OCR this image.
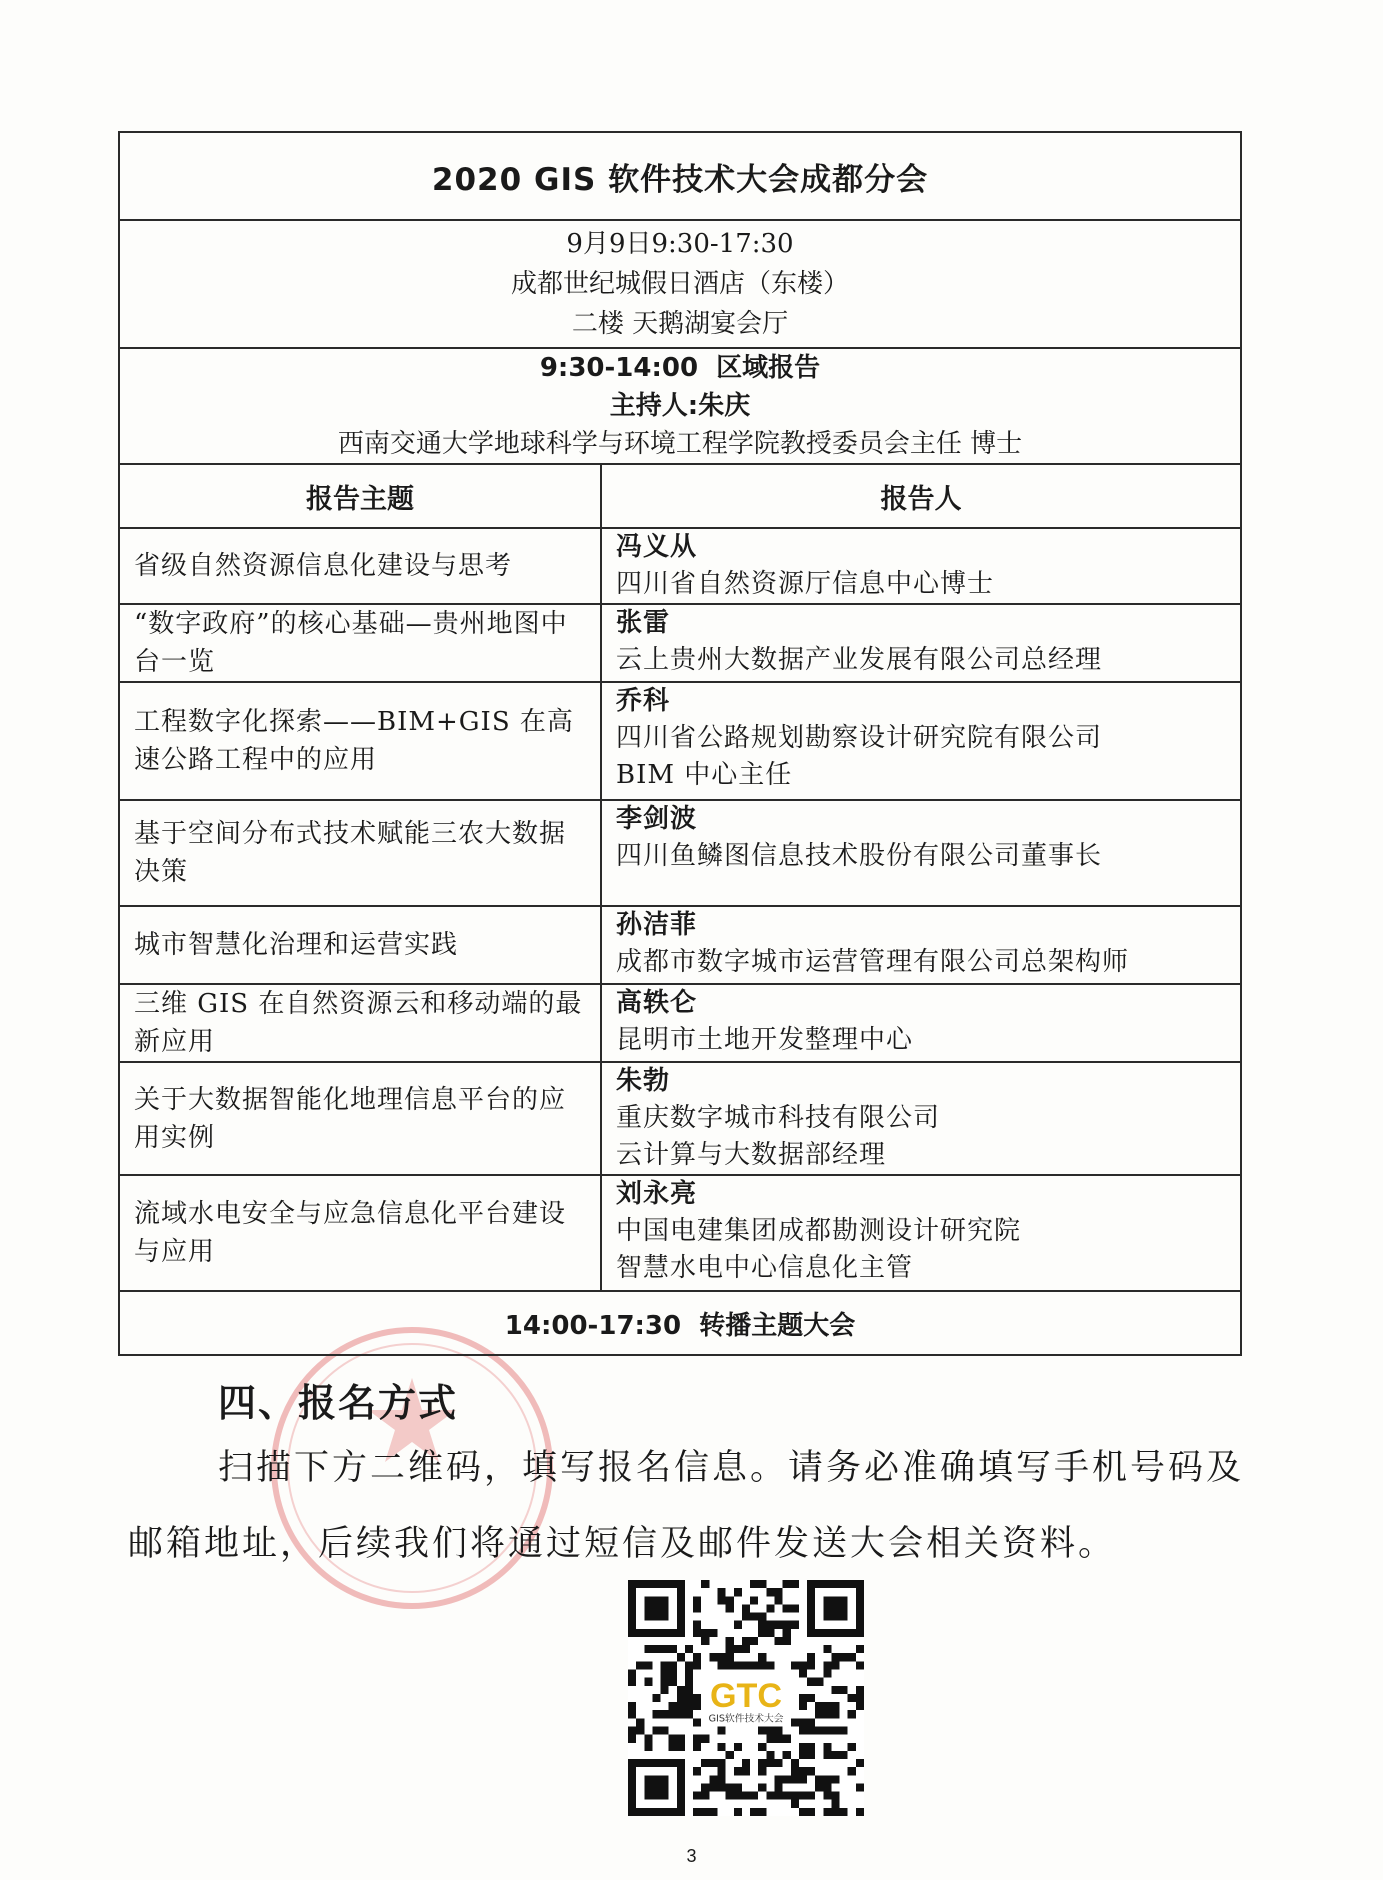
2020 GIS 软件技术大会成都分会	

9月9日9:30-17:30
成都世纪城假日酒店（东楼）
二楼 天鹅湖宴会厅	

9:30-14:00  区域报告
主持人:朱庆
西南交通大学地球科学与环境工程学院教授委员会主任 博士	

报告主题	报告人
省级自然资源信息化建设与思考	冯义从
四川省自然资源厅信息中心博士

“数字政府”的核心基础—贵州地图中台一览	张雷
云上贵州大数据产业发展有限公司总经理

工程数字化探索——BIM+GIS 在高速公路工程中的应用	乔科
四川省公路规划勘察设计研究院有限公司
BIM 中心主任

基于空间分布式技术赋能三农大数据决策	李剑波
四川鱼鳞图信息技术股份有限公司董事长

城市智慧化治理和运营实践	孙洁菲
成都市数字城市运营管理有限公司总架构师

三维 GIS 在自然资源云和移动端的最新应用	高轶仑
昆明市土地开发整理中心

关于大数据智能化地理信息平台的应用实例	朱勃
重庆数字城市科技有限公司
云计算与大数据部经理

流域水电安全与应急信息化平台建设与应用	刘永亮
中国电建集团成都勘测设计研究院
智慧水电中心信息化主管

14:00-17:30  转播主题大会	
四、报名方式
扫描下方二维码，填写报名信息。请务必准确填写手机号码及邮箱地址，后续我们将通过短信及邮件发送大会相关资料。
GTC
GIS软件技术大会
3
